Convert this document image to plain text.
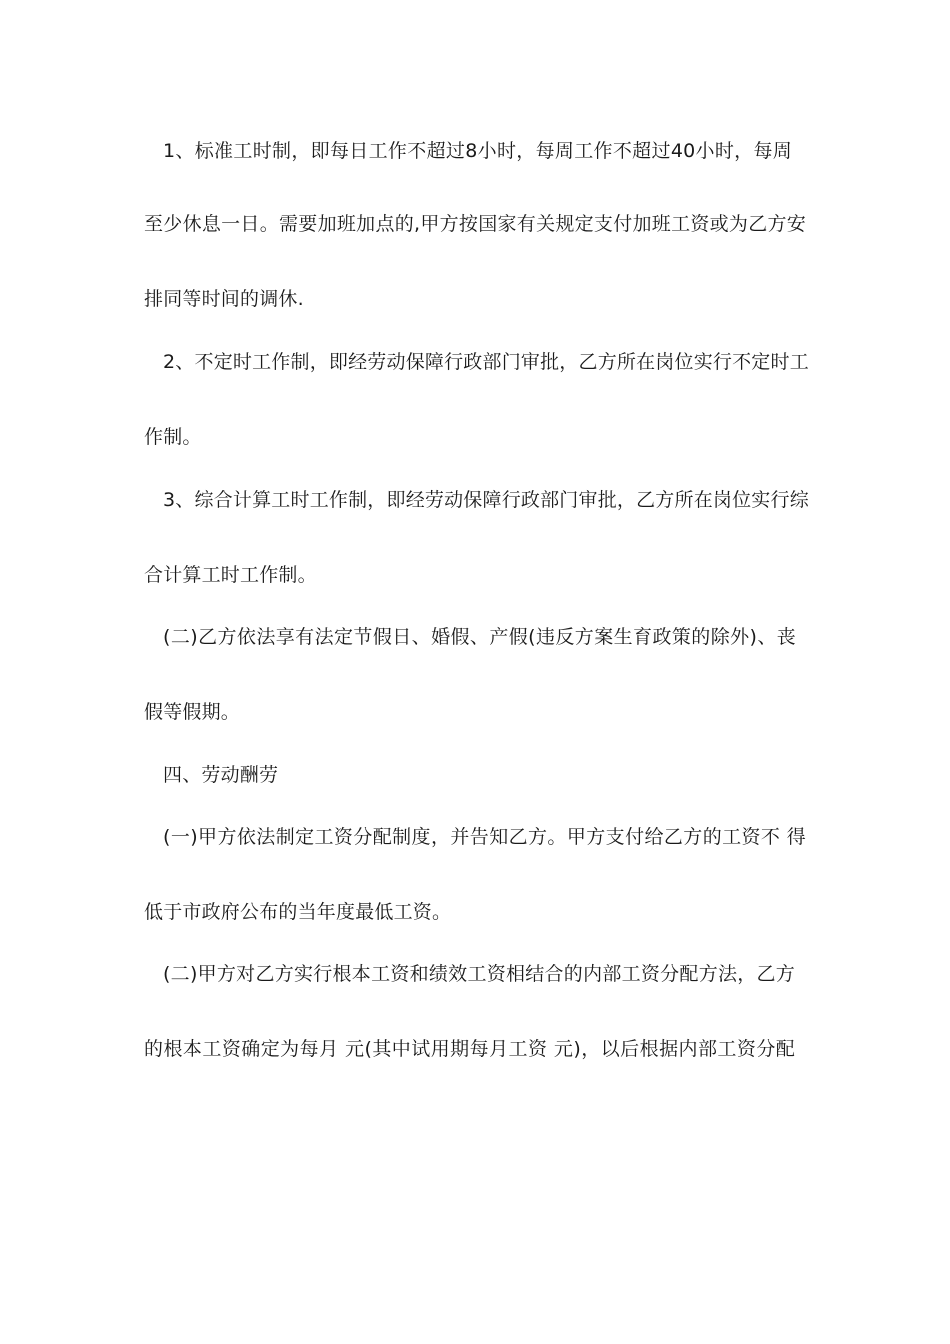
1、标准工时制，即每日工作不超过8小时，每周工作不超过40小时，每周
至少休息一日。需要加班加点的,甲方按国家有关规定支付加班工资或为乙方安
排同等时间的调休.
2、不定时工作制，即经劳动保障行政部门审批，乙方所在岗位实行不定时工
作制。
3、综合计算工时工作制，即经劳动保障行政部门审批，乙方所在岗位实行综
合计算工时工作制。
(二)乙方依法享有法定节假日、婚假、产假(违反方案生育政策的除外)、丧
假等假期。
四、劳动酬劳
(一)甲方依法制定工资分配制度，并告知乙方。甲方支付给乙方的工资不 得
低于市政府公布的当年度最低工资。
(二)甲方对乙方实行根本工资和绩效工资相结合的内部工资分配方法，乙方
的根本工资确定为每月 元(其中试用期每月工资 元)，以后根据内部工资分配
